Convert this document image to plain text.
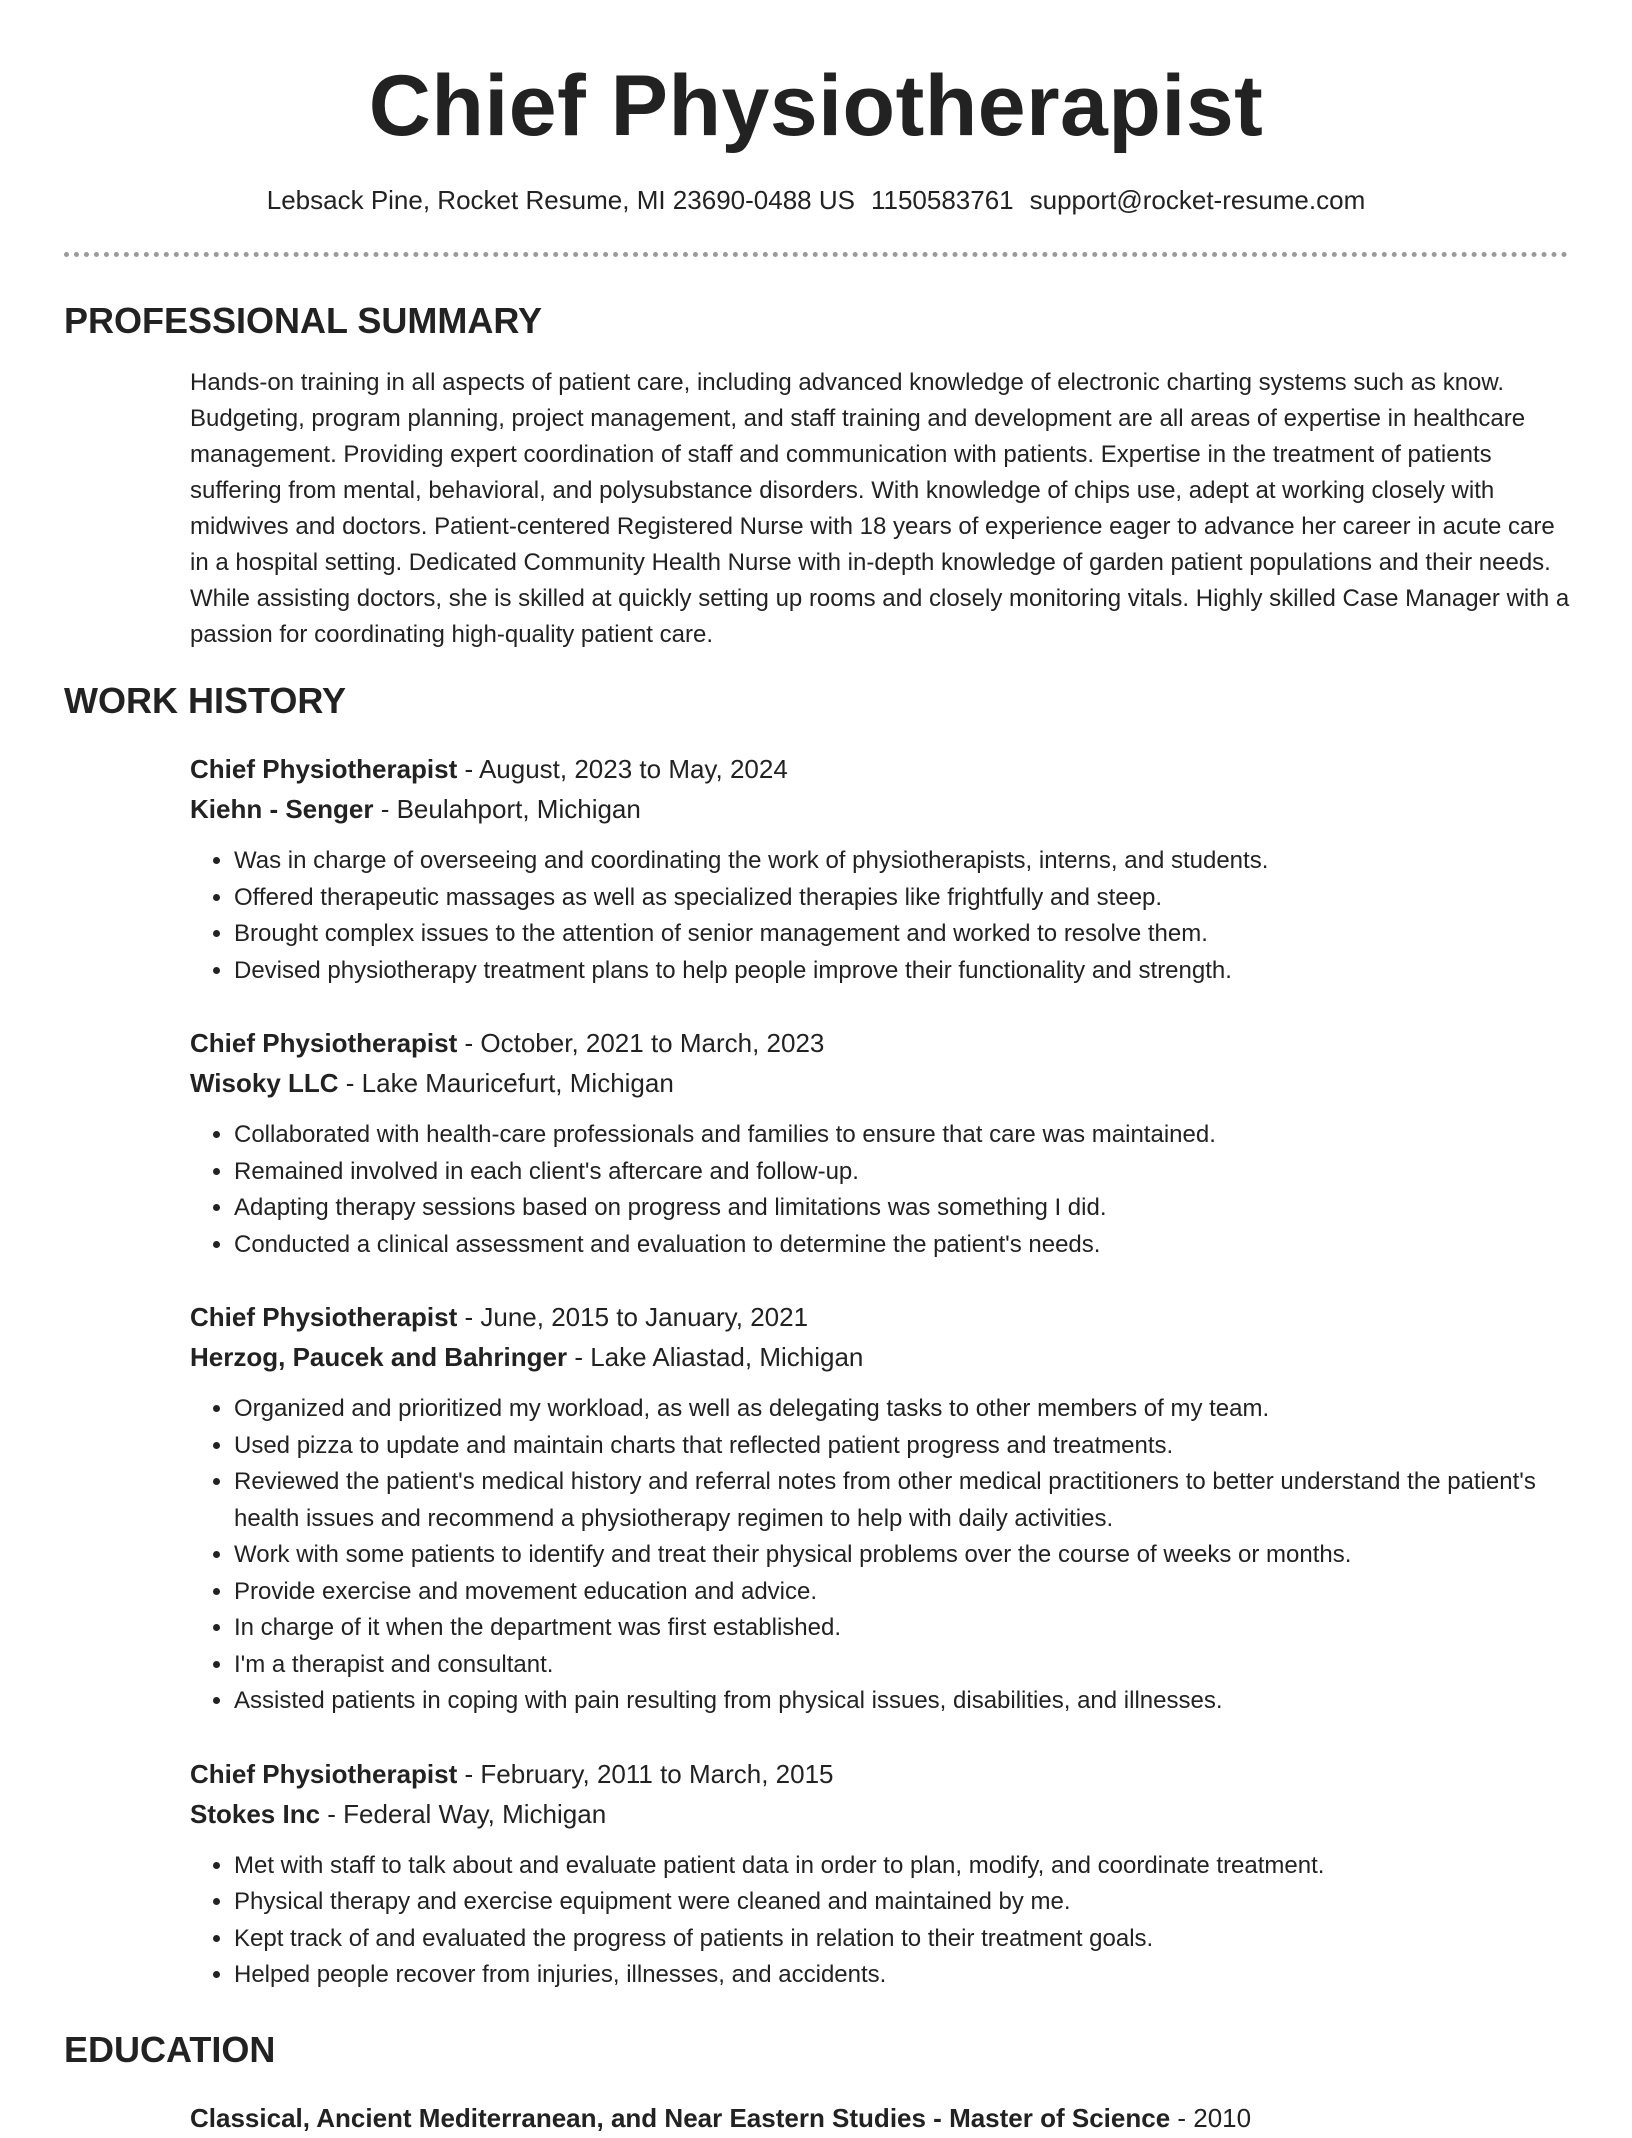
Chief Physiotherapist
Lebsack Pine, Rocket Resume, MI 23690-0488 US 1150583761 support@rocket-resume.com
PROFESSIONAL SUMMARY
Hands-on training in all aspects of patient care, including advanced knowledge of electronic charting systems such as know. Budgeting, program planning, project management, and staff training and development are all areas of expertise in healthcare management. Providing expert coordination of staff and communication with patients. Expertise in the treatment of patients suffering from mental, behavioral, and polysubstance disorders. With knowledge of chips use, adept at working closely with midwives and doctors. Patient-centered Registered Nurse with 18 years of experience eager to advance her career in acute care in a hospital setting. Dedicated Community Health Nurse with in-depth knowledge of garden patient populations and their needs. While assisting doctors, she is skilled at quickly setting up rooms and closely monitoring vitals. Highly skilled Case Manager with a passion for coordinating high-quality patient care.
WORK HISTORY
Chief Physiotherapist - August, 2023 to May, 2024
Kiehn - Senger - Beulahport, Michigan
• Was in charge of overseeing and coordinating the work of physiotherapists, interns, and students.
• Offered therapeutic massages as well as specialized therapies like frightfully and steep.
• Brought complex issues to the attention of senior management and worked to resolve them.
• Devised physiotherapy treatment plans to help people improve their functionality and strength.
Chief Physiotherapist - October, 2021 to March, 2023
Wisoky LLC - Lake Mauricefurt, Michigan
• Collaborated with health-care professionals and families to ensure that care was maintained.
• Remained involved in each client's aftercare and follow-up.
• Adapting therapy sessions based on progress and limitations was something I did.
• Conducted a clinical assessment and evaluation to determine the patient's needs.
Chief Physiotherapist - June, 2015 to January, 2021
Herzog, Paucek and Bahringer - Lake Aliastad, Michigan
• Organized and prioritized my workload, as well as delegating tasks to other members of my team.
• Used pizza to update and maintain charts that reflected patient progress and treatments.
• Reviewed the patient's medical history and referral notes from other medical practitioners to better understand the patient's health issues and recommend a physiotherapy regimen to help with daily activities.
• Work with some patients to identify and treat their physical problems over the course of weeks or months.
• Provide exercise and movement education and advice.
• In charge of it when the department was first established.
• I'm a therapist and consultant.
• Assisted patients in coping with pain resulting from physical issues, disabilities, and illnesses.
Chief Physiotherapist - February, 2011 to March, 2015
Stokes Inc - Federal Way, Michigan
• Met with staff to talk about and evaluate patient data in order to plan, modify, and coordinate treatment.
• Physical therapy and exercise equipment were cleaned and maintained by me.
• Kept track of and evaluated the progress of patients in relation to their treatment goals.
• Helped people recover from injuries, illnesses, and accidents.
EDUCATION
Classical, Ancient Mediterranean, and Near Eastern Studies - Master of Science - 2010
